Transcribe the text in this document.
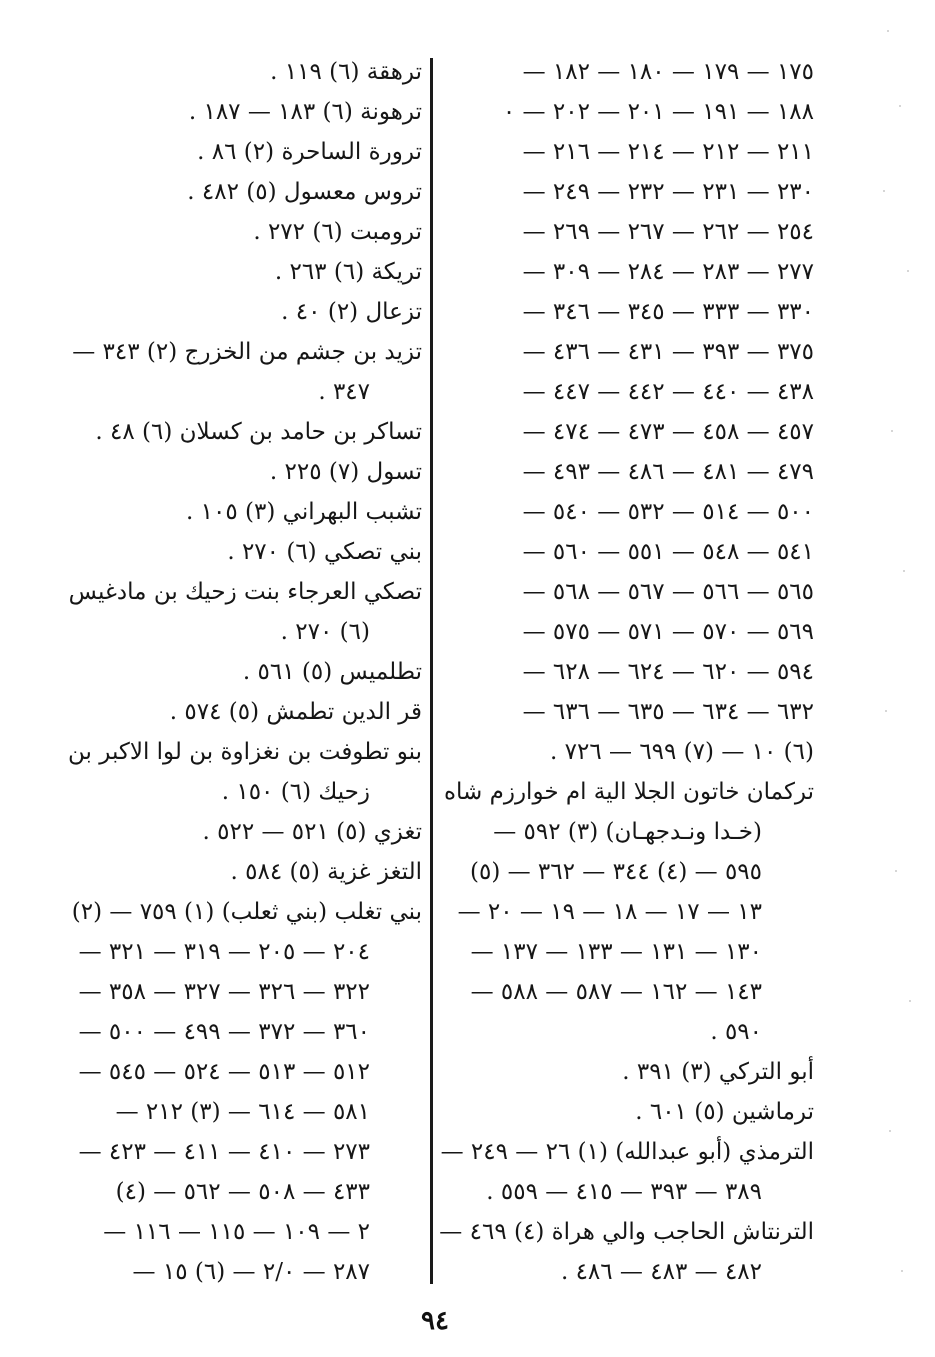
١٧٥ — ١٧٩ — ١٨٠ — ١٨٢ —
١٨٨ — ١٩١ — ٢٠١ — ٢٠٢ — ٠
٢١١ — ٢١٢ — ٢١٤ — ٢١٦ —
٢٣٠ — ٢٣١ — ٢٣٢ — ٢٤٩ —
٢٥٤ — ٢٦٢ — ٢٦٧ — ٢٦٩ —
٢٧٧ — ٢٨٣ — ٢٨٤ — ٣٠٩ —
٣٣٠ — ٣٣٣ — ٣٤٥ — ٣٤٦ —
٣٧٥ — ٣٩٣ — ٤٣١ — ٤٣٦ —
٤٣٨ — ٤٤٠ — ٤٤٢ — ٤٤٧ —
٤٥٧ — ٤٥٨ — ٤٧٣ — ٤٧٤ —
٤٧٩ — ٤٨١ — ٤٨٦ — ٤٩٣ —
٥٠٠ — ٥١٤ — ٥٣٢ — ٥٤٠ —
٥٤١ — ٥٤٨ — ٥٥١ — ٥٦٠ —
٥٦٥ — ٥٦٦ — ٥٦٧ — ٥٦٨ —
٥٦٩ — ٥٧٠ — ٥٧١ — ٥٧٥ —
٥٩٤ — ٦٢٠ — ٦٢٤ — ٦٢٨ —
٦٣٢ — ٦٣٤ — ٦٣٥ — ٦٣٦ —
(٦) ١٠ — (٧) ٦٩٩ — ٧٢٦ .
تركمان خاتون الجلا الية ام خوارزم شاه
(خـدا ونـدجهـان) (٣) ٥٩٢ —
٥٩٥ — (٤) ٣٤٤ — ٣٦٢ — (٥)
١٣ — ١٧ — ١٨ — ١٩ — ٢٠ —
١٣٠ — ١٣١ — ١٣٣ — ١٣٧ —
١٤٣ — ١٦٢ — ٥٨٧ — ٥٨٨ —
٥٩٠ .
أبو التركي (٣) ٣٩١ .
ترماشين (٥) ٦٠١ .
الترمذي (أبو عبدالله) (١) ٢٦ — ٢٤٩ —
٣٨٩ — ٣٩٣ — ٤١٥ — ٥٥٩ .
الترنتاش الحاجب والي هراة (٤) ٤٦٩ —
٤٨٢ — ٤٨٣ — ٤٨٦ .
ترهقة (٦) ١١٩ .
ترهونة (٦) ١٨٣ — ١٨٧ .
ترورة الساحرة (٢) ٨٦ .
تروس معسول (٥) ٤٨٢ .
ترومبت (٦) ٢٧٢ .
تريكة (٦) ٢٦٣ .
تزعال (٢) ٤٠ .
تزيد بن جشم من الخزرج (٢) ٣٤٣ —
٣٤٧ .
تساكر بن حامد بن كسلان (٦) ٤٨ .
تسول (٧) ٢٢٥ .
تشبب البهراني (٣) ١٠٥ .
بني تصكي (٦) ٢٧٠ .
تصكي العرجاء بنت زحيك بن مادغيس
(٦) ٢٧٠ .
تطلميس (٥) ٥٦١ .
قر الدين تطمش (٥) ٥٧٤ .
بنو تطوفت بن نغزاوة بن لوا الاكبر بن
زحيك (٦) ١٥٠ .
تغزي (٥) ٥٢١ — ٥٢٢ .
التغز غزية (٥) ٥٨٤ .
بني تغلب (بني ثعلب) (١) ٧٥٩ — (٢)
٢٠٤ — ٢٠٥ — ٣١٩ — ٣٢١ —
٣٢٢ — ٣٢٦ — ٣٢٧ — ٣٥٨ —
٣٦٠ — ٣٧٢ — ٤٩٩ — ٥٠٠ —
٥١٢ — ٥١٣ — ٥٢٤ — ٥٤٥ —
٥٨١ — ٦١٤ — (٣) ٢١٢ —
٢٧٣ — ٤١٠ — ٤١١ — ٤٢٣ —
٤٣٣ — ٥٠٨ — ٥٦٢ — (٤)
٢ — ١٠٩ — ١١٥ — ١١٦ —
٢٨٧ — ٢/٠ — (٦) ١٥ —
٩٤
